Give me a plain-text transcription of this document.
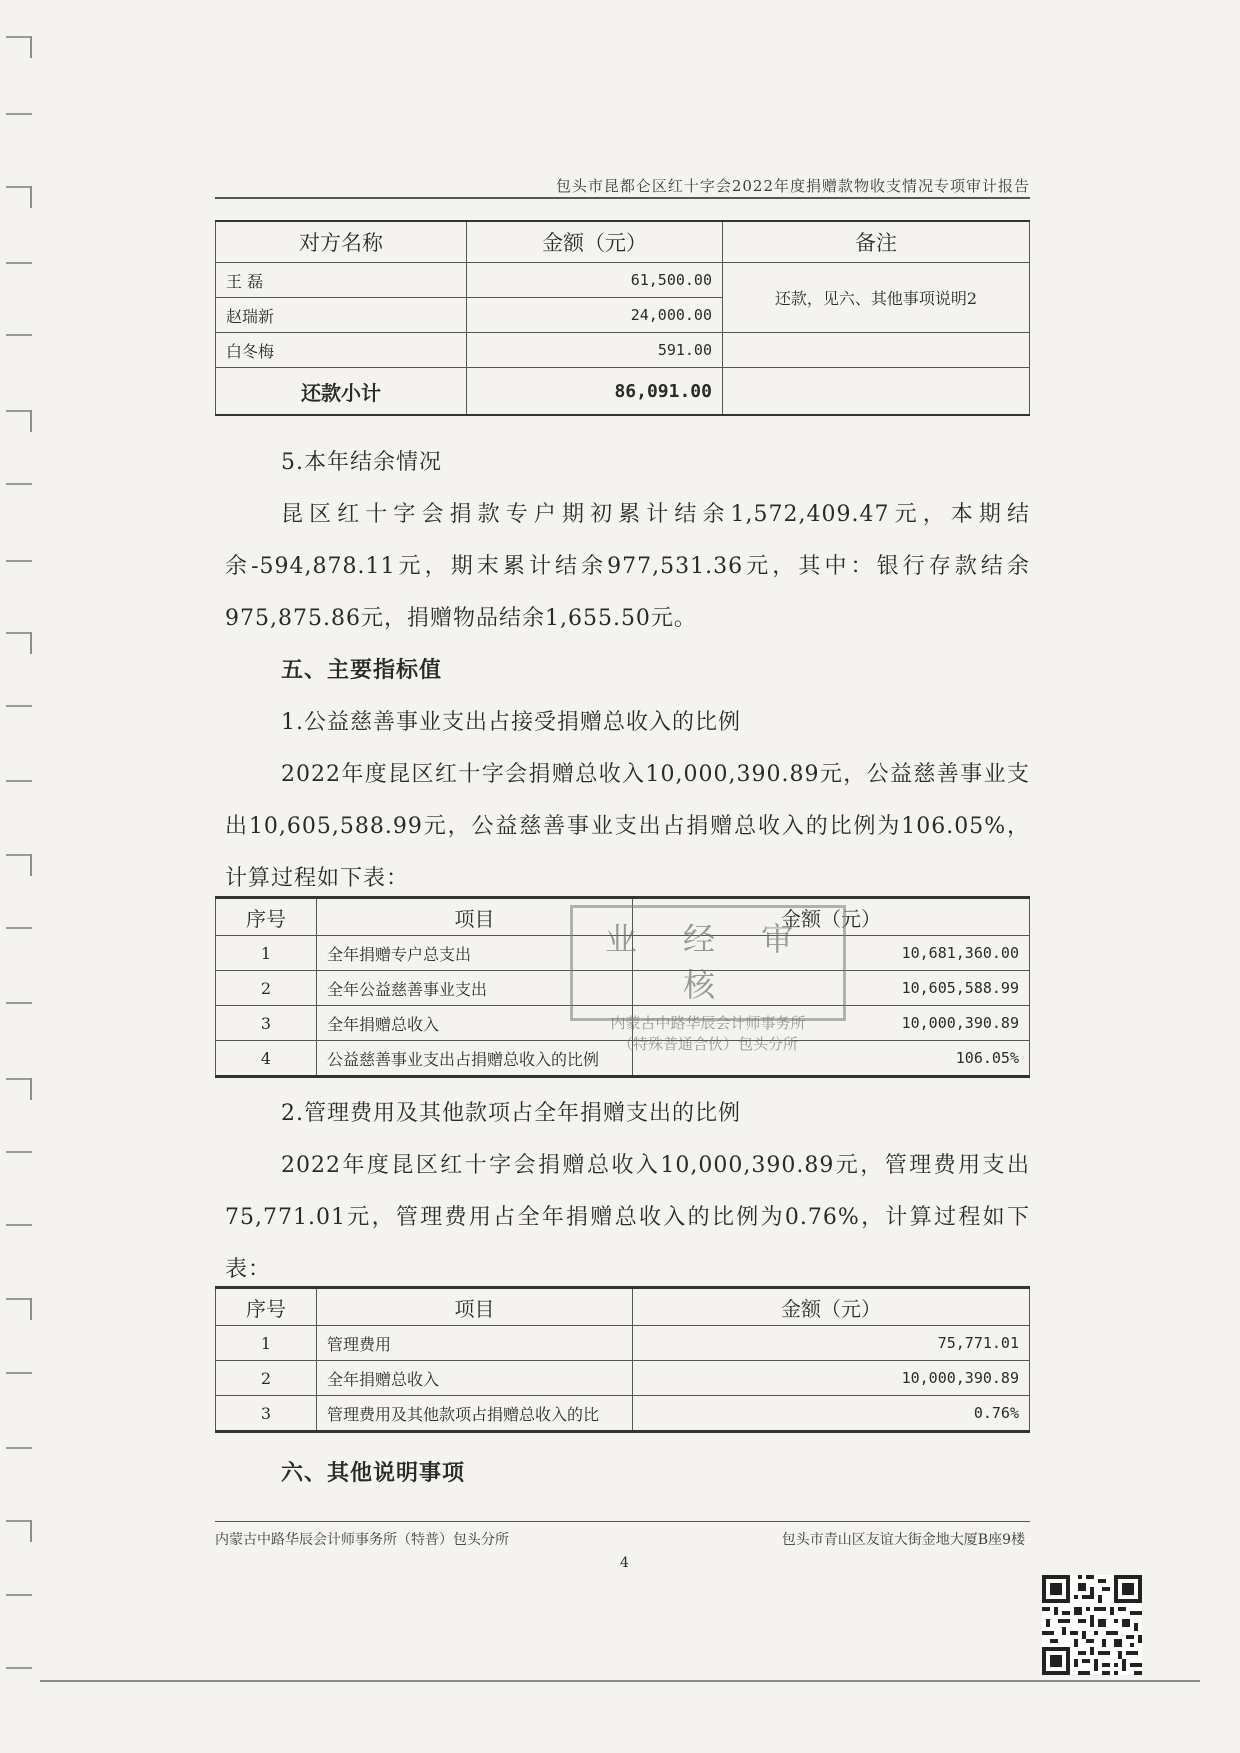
包头市昆都仑区红十字会2022年度捐赠款物收支情况专项审计报告
对方名称	金额（元）	备注
王 磊	61,500.00	还款，见六、其他事项说明2
赵瑞新	24,000.00	
白冬梅	591.00	
还款小计	86,091.00	

5.本年结余情况

昆区红十字会捐款专户期初累计结余1,572,409.47元，本期结余-594,878.11元，期末累计结余977,531.36元，其中：银行存款结余975,875.86元，捐赠物品结余1,655.50元。

五、主要指标值

1.公益慈善事业支出占接受捐赠总收入的比例

2022年度昆区红十字会捐赠总收入10,000,390.89元，公益慈善事业支出10,605,588.99元，公益慈善事业支出占捐赠总收入的比例为106.05%，计算过程如下表：

序号	项目	金额（元）
1	全年捐赠专户总支出	10,681,360.00
2	全年公益慈善事业支出	10,605,588.99
3	全年捐赠总收入	10,000,390.89
4	公益慈善事业支出占捐赠总收入的比例	106.05%
业 经 审 核
内蒙古中路华辰会计师事务所
（特殊普通合伙）包头分所

2.管理费用及其他款项占全年捐赠支出的比例

2022年度昆区红十字会捐赠总收入10,000,390.89元，管理费用支出75,771.01元，管理费用占全年捐赠总收入的比例为0.76%，计算过程如下表：

序号	项目	金额（元）
1	管理费用	75,771.01
2	全年捐赠总收入	10,000,390.89
3	管理费用及其他款项占捐赠总收入的比	0.76%

六、其他说明事项

内蒙古中路华辰会计师事务所（特普）包头分所	包头市青山区友谊大街金地大厦B座9楼
4
